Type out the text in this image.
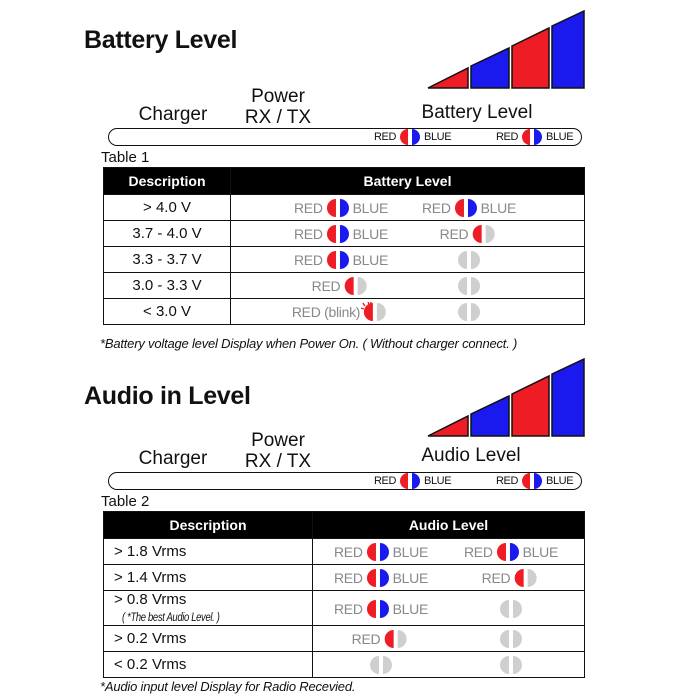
Battery Level
Charger
Power
RX / TX	Battery Level
RED	BLUE	RED	BLUE
Table 1
Description	Battery Level
> 4.0 V	RED BLUE RED BLUE

3.7 - 4.0 V	RED BLUE RED

3.3 - 3.7 V	RED BLUE

3.0 - 3.3 V	RED

< 3.0 V	RED (blink)
*Battery voltage level Display when Power On. ( Without charger connect. )
Audio in Level
Charger
Power
RX / TX	Audio Level
RED	BLUE	RED	BLUE
Table 2
Description	Audio Level
> 1.8 Vrms	RED BLUE RED BLUE

> 1.4 Vrms	RED BLUE RED

> 0.8 Vrms( *The best Audio Level. )	RED BLUE

> 0.2 Vrms	RED

< 0.2 Vrms	
*Audio input level Display for Radio Recevied.
